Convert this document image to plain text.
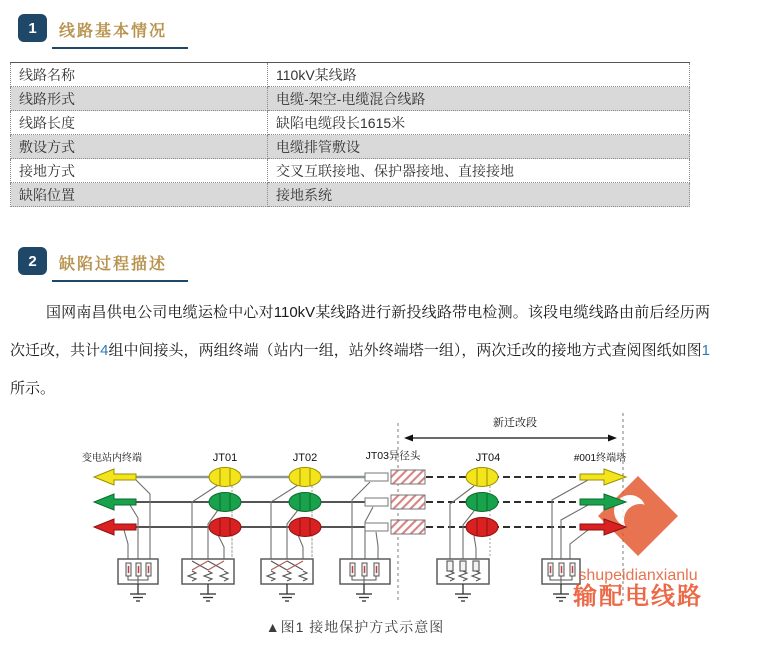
1	线路基本情况
线路名称	110kV某线路
线路形式	电缆-架空-电缆混合线路
线路长度	缺陷电缆段长1615米
敷设方式	电缆排管敷设
接地方式	交叉互联接地、保护器接地、直接接地
缺陷位置	接地系统
2	缺陷过程描述
国网南昌供电公司电缆运检中心对110kV某线路进行新投线路带电检测。该段电缆线路由前后经历两次迁改，共计4组中间接头，两组终端（站内一组，站外终端塔一组），两次迁改的接地方式查阅图纸如图1所示。
新迁改段
变电站内终端	JT01	JT02	JT03异径头	JT04	#001终端塔
shupeidianxianlu
输配电线路
▲图1 接地保护方式示意图
